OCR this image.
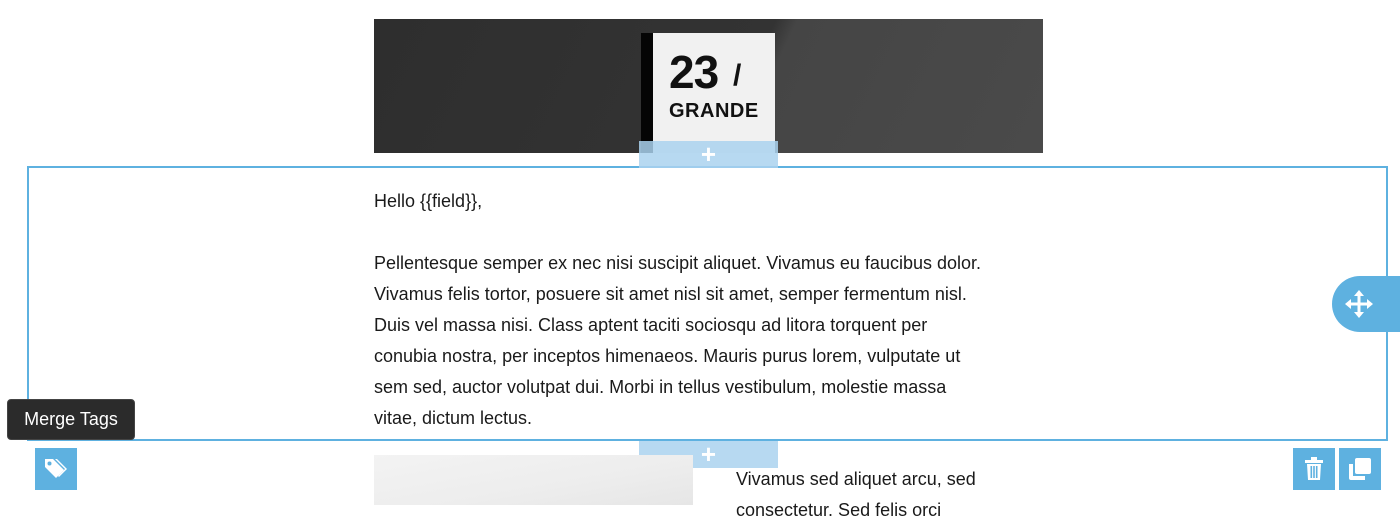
23 /
GRANDE
Hello {{field}},
Pellentesque semper ex nec nisi suscipit aliquet. Vivamus eu faucibus dolor.
Vivamus felis tortor, posuere sit amet nisl sit amet, semper fermentum nisl.
Duis vel massa nisi. Class aptent taciti sociosqu ad litora torquent per
conubia nostra, per inceptos himenaeos. Mauris purus lorem, vulputate ut
sem sed, auctor volutpat dui. Morbi in tellus vestibulum, molestie massa
vitae, dictum lectus.
+
+
Merge Tags
Vivamus sed aliquet arcu, sed
consectetur. Sed felis orci
